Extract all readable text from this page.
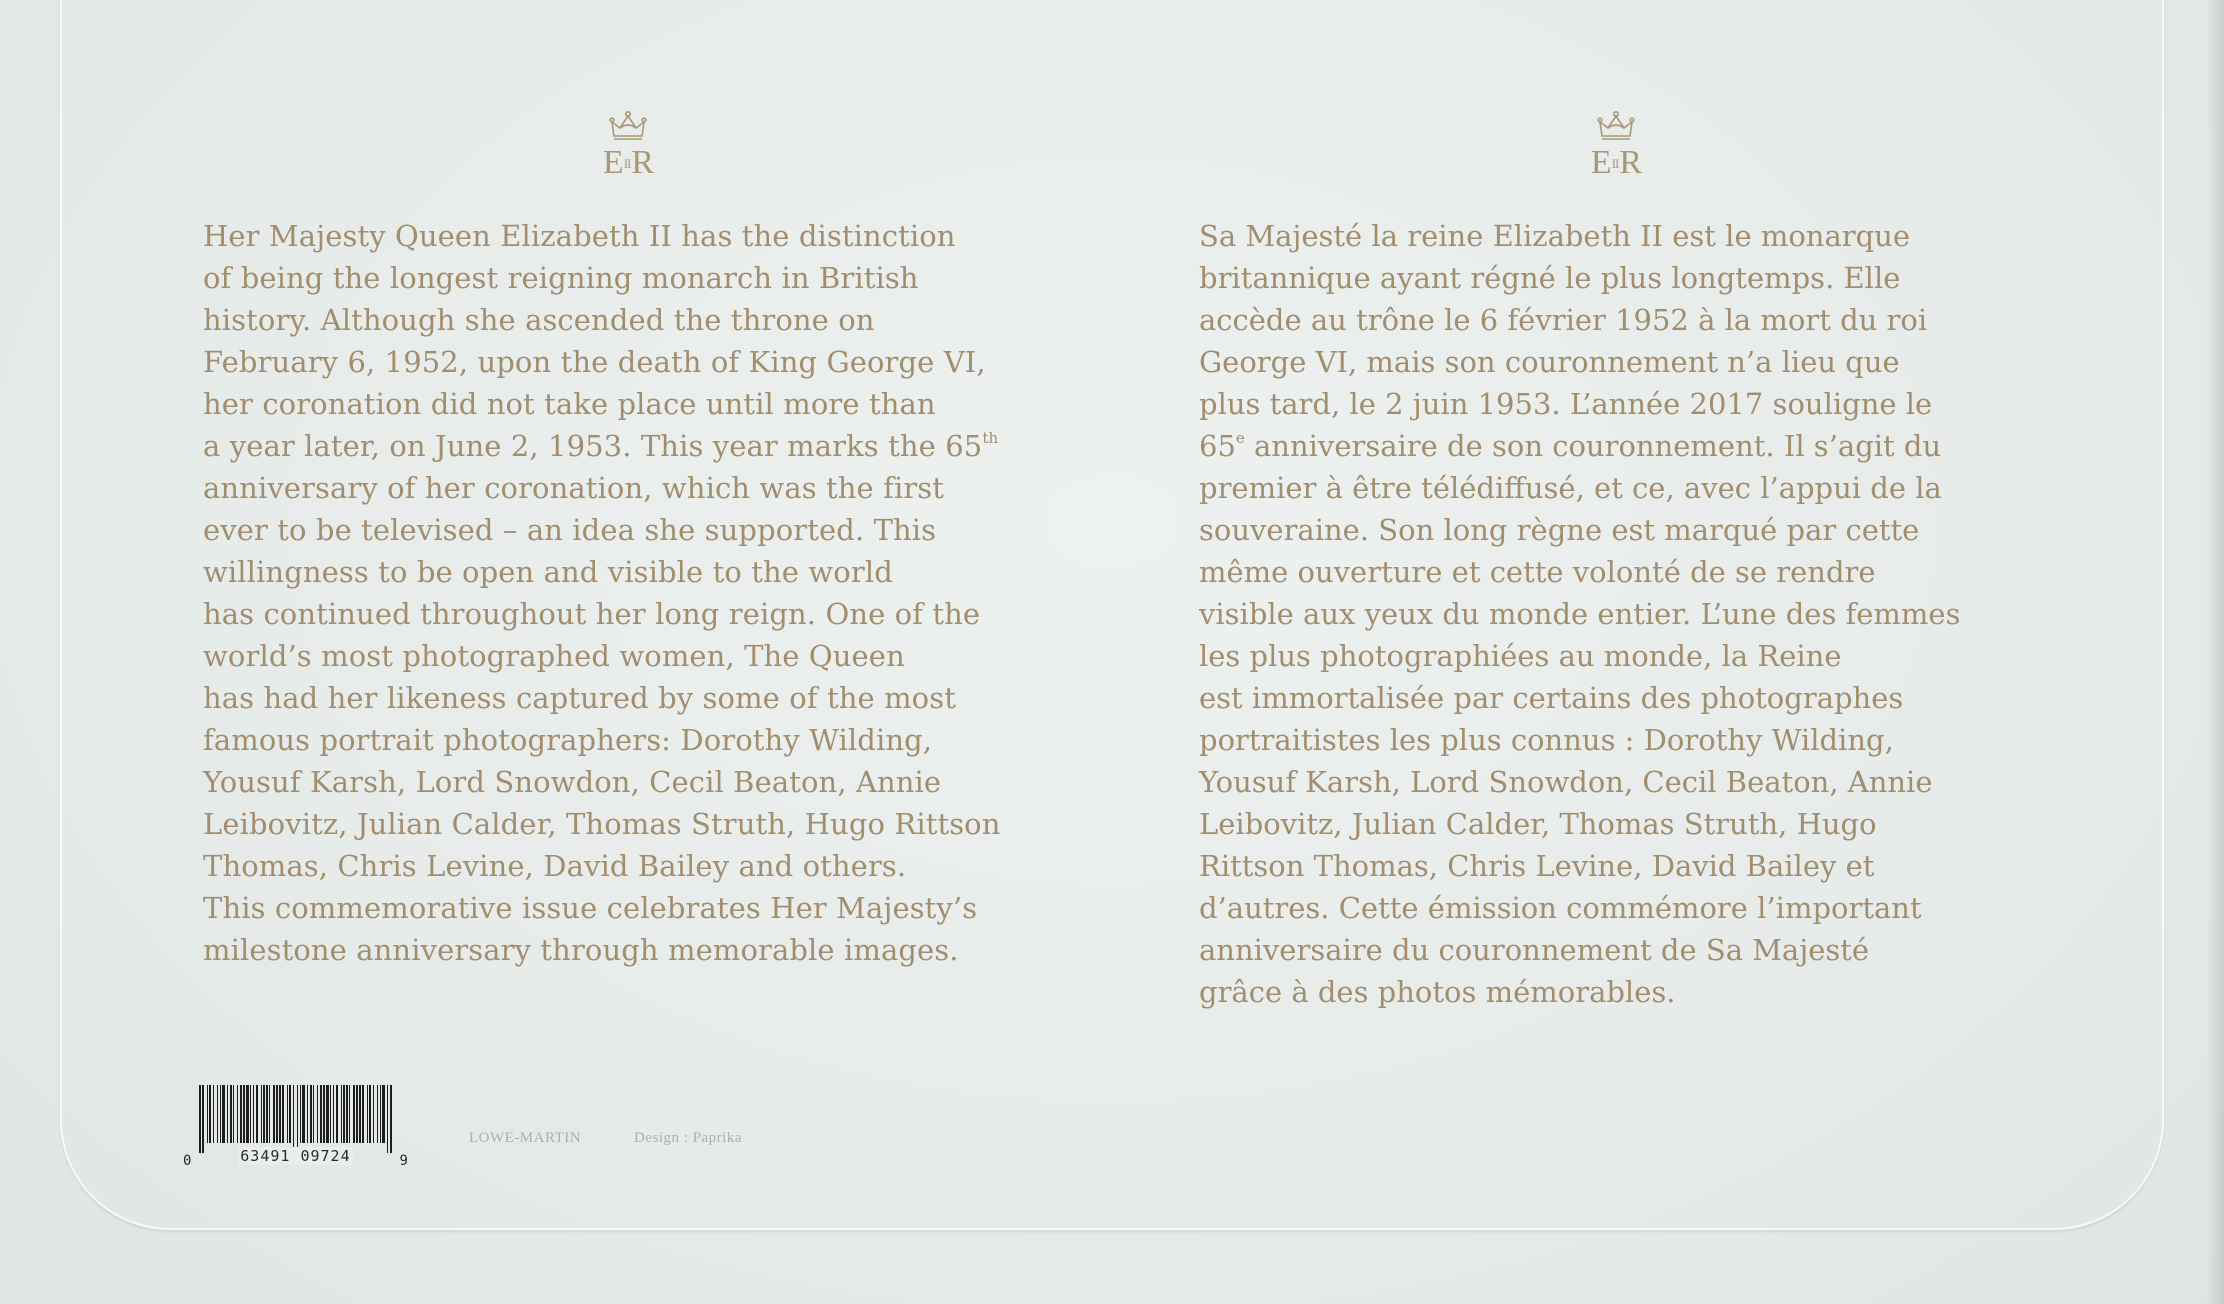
$E_{II}R$	$E_{II}R$

Her Majesty Queen Elizabeth II has the distinction
of being the longest reigning monarch in British
history. Although she ascended the throne on
February 6, 1952, upon the death of King George VI,
her coronation did not take place until more than
a year later, on June 2, 1953. This year marks the 65th
anniversary of her coronation, which was the first
ever to be televised – an idea she supported. This
willingness to be open and visible to the world
has continued throughout her long reign. One of the
world’s most photographed women, The Queen
has had her likeness captured by some of the most
famous portrait photographers: Dorothy Wilding,
Yousuf Karsh, Lord Snowdon, Cecil Beaton, Annie
Leibovitz, Julian Calder, Thomas Struth, Hugo Rittson
Thomas, Chris Levine, David Bailey and others.
This commemorative issue celebrates Her Majesty’s
milestone anniversary through memorable images.

Sa Majesté la reine Elizabeth II est le monarque
britannique ayant régné le plus longtemps. Elle
accède au trône le 6 février 1952 à la mort du roi
George VI, mais son couronnement n’a lieu que
plus tard, le 2 juin 1953. L’année 2017 souligne le
65e anniversaire de son couronnement. Il s’agit du
premier à être télédiffusé, et ce, avec l’appui de la
souveraine. Son long règne est marqué par cette
même ouverture et cette volonté de se rendre
visible aux yeux du monde entier. L’une des femmes
les plus photographiées au monde, la Reine
est immortalisée par certains des photographes
portraitistes les plus connus : Dorothy Wilding,
Yousuf Karsh, Lord Snowdon, Cecil Beaton, Annie
Leibovitz, Julian Calder, Thomas Struth, Hugo
Rittson Thomas, Chris Levine, David Bailey et
d’autres. Cette émission commémore l’important
anniversaire du couronnement de Sa Majesté
grâce à des photos mémorables.

0	63491 09724	9
LOWE-MARTIN	Design : Paprika
